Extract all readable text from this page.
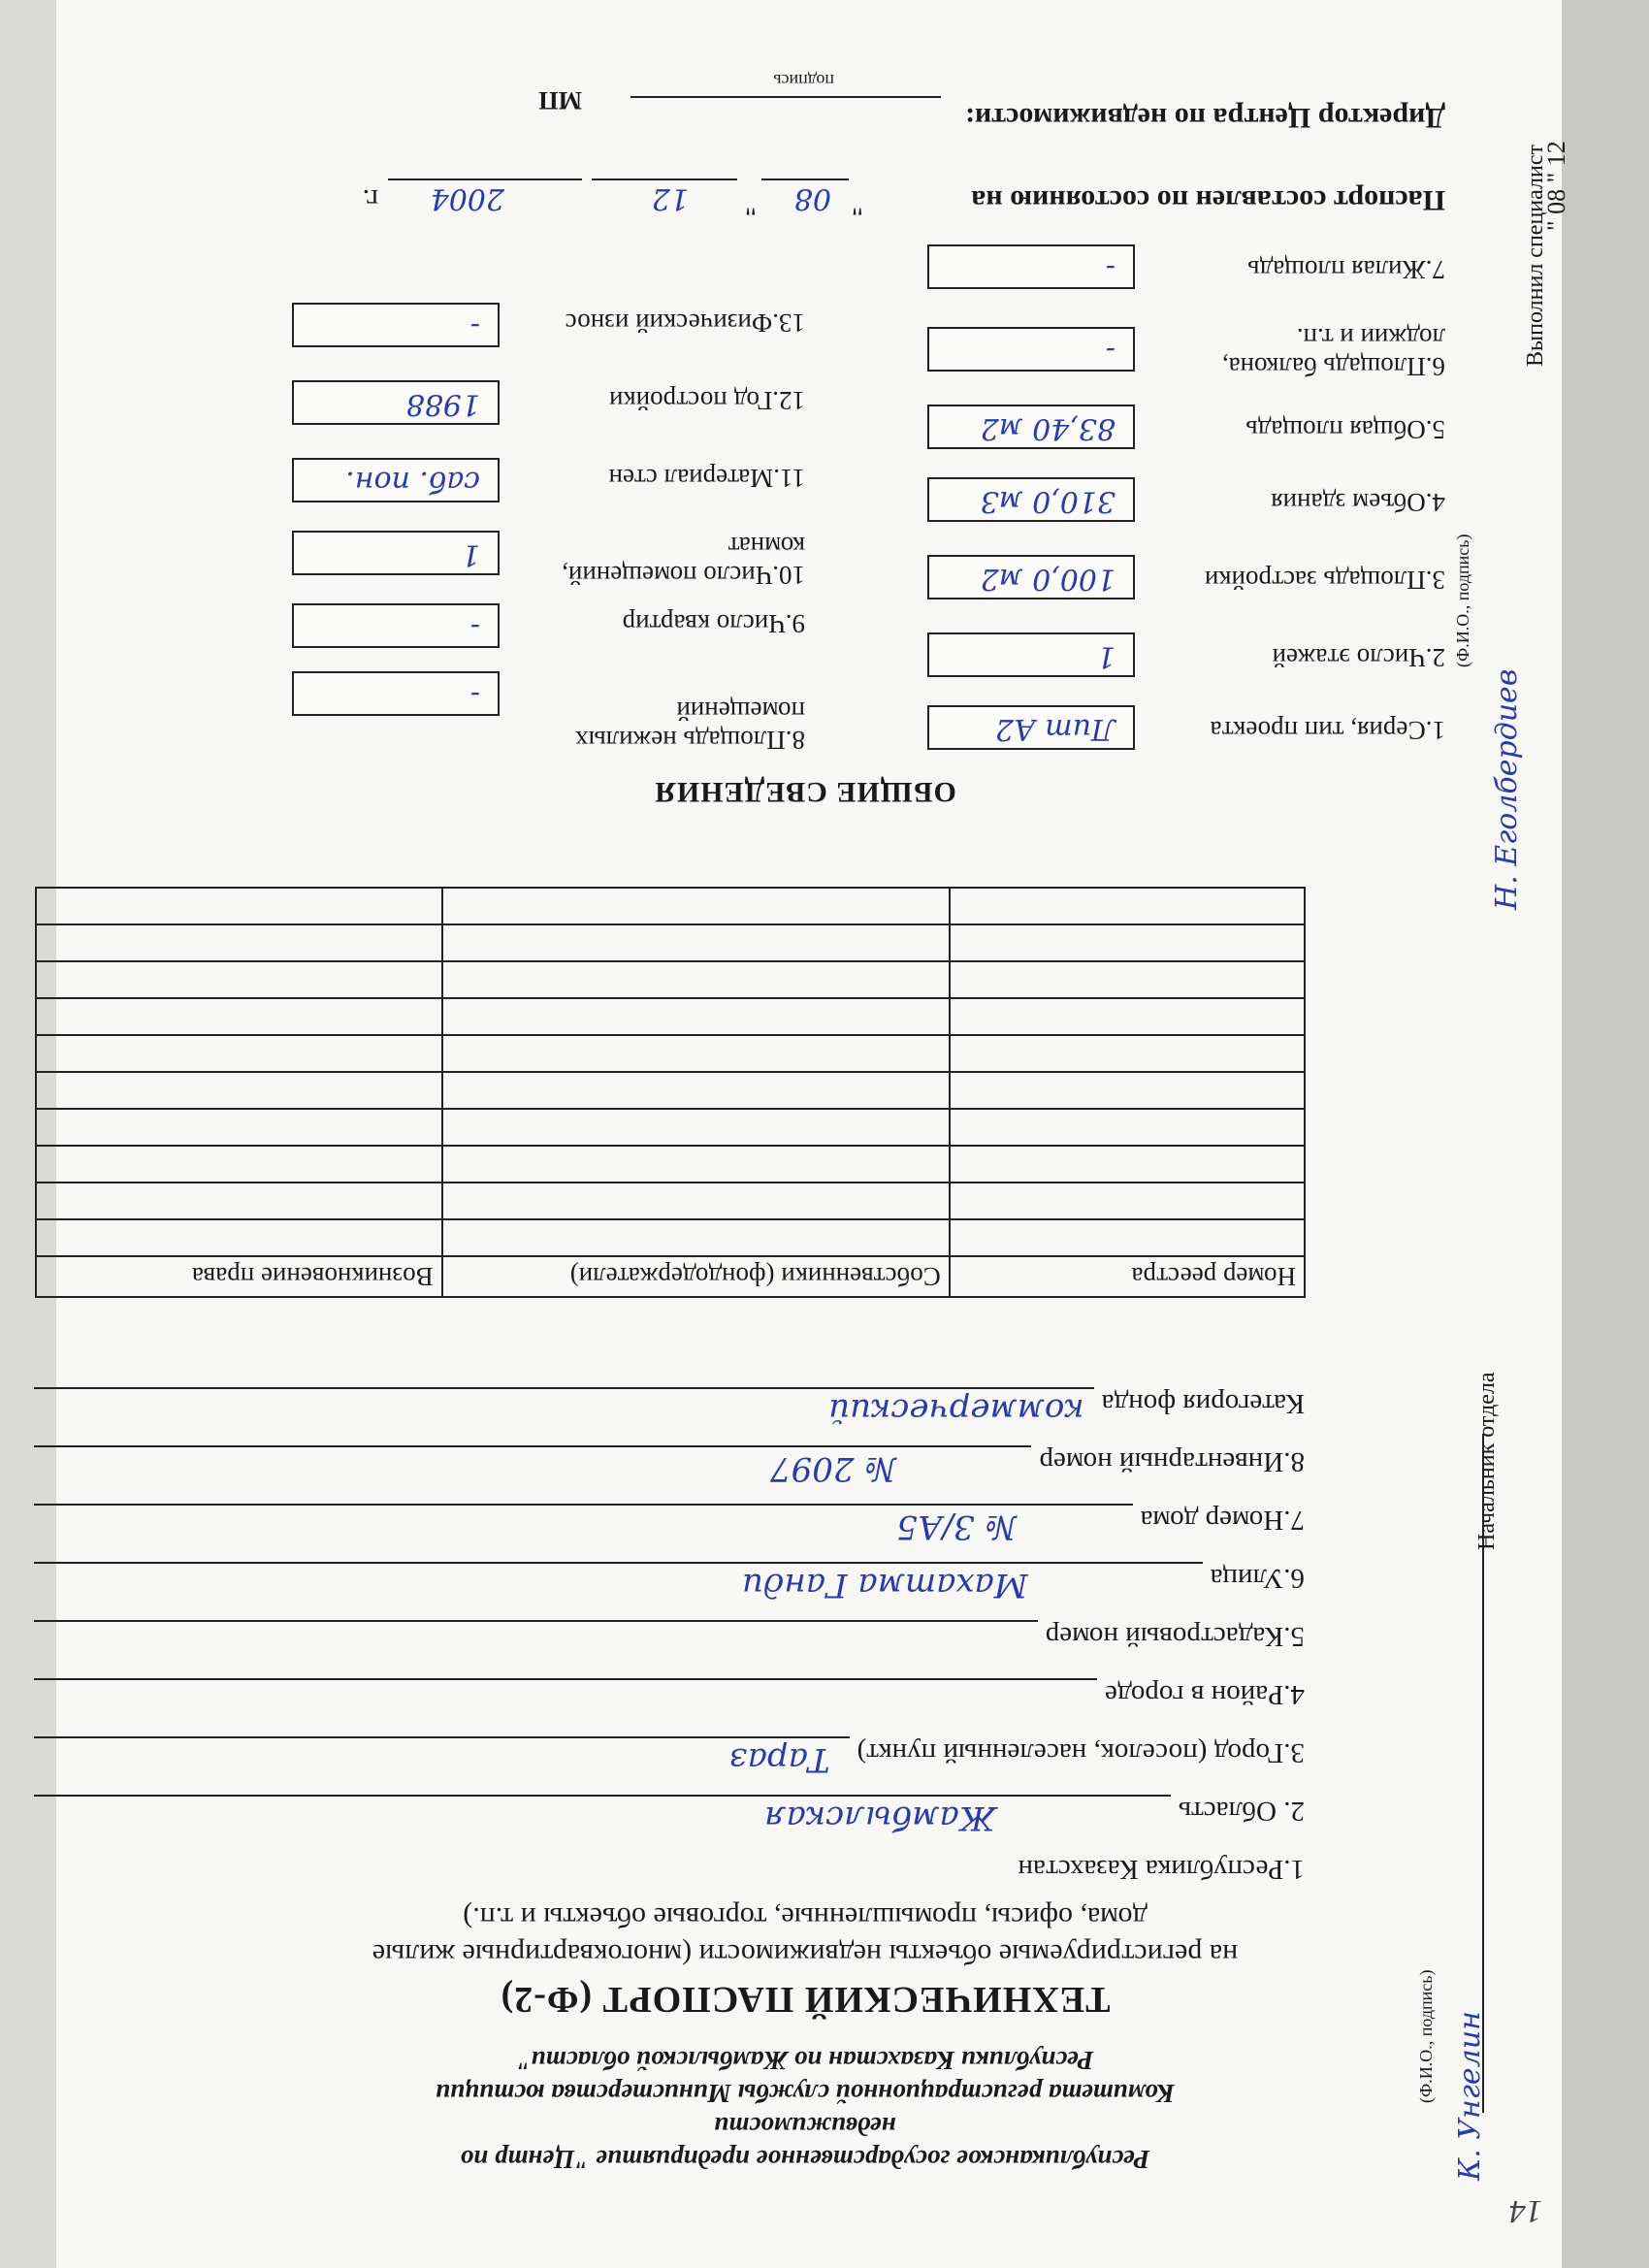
14
Начальник отдела
К. Унгелин
(Ф.И.О., подпись)
Выполнил специалист
Н. Еголбердиев
(Ф.И.О., подпись)
" 08 " 12
Республиканское государственное предприятие "Центр по недвижимости
Комитета регистрационной службы Министерства юстиции
Республики Казахстан по Жамбылской области"
ТЕХНИЧЕСКИЙ ПАСПОРТ (Ф-2)
на регистрируемые объекты недвижимости (многоквартирные жилые
дома, офисы, промышленные, торговые объекты и т.п.)
1.Республика Казахстан
2. Область
Жамбылская
3.Город (поселок, населенный пункт)
Тараз
4.Район в городе
5.Кадастровый номер
6.Улица
Махатма Ганди
7.Номер дома
№ 3/А5
8.Инвентарный номер
№ 2097
Категория фонда
коммерческий
Номер реестра	Собственники (фондодержатели)	Возникновение права

ОБЩИЕ СВЕДЕНИЯ
1.Серия, тип проекта
Лит А2
2.Число этажей
1
3.Площадь застройки
100,0 м2
4.Объем здания
310,0 м3
5.Общая площадь
83,40 м2
6.Площадь балкона,
лоджии и т.п.
-
7.Жилая площадь
-
8.Площадь нежилых
помещений
-
9.Число квартир
-
10.Число помещений,
комнат
1
11.Материал стен
саб. пон.
12.Год постройки
1988
13.Физический износ
-
Паспорт составлен по состоянию на
"
08
"
12
2004
г.
Директор Центра по недвижимости:
подпись
МП
